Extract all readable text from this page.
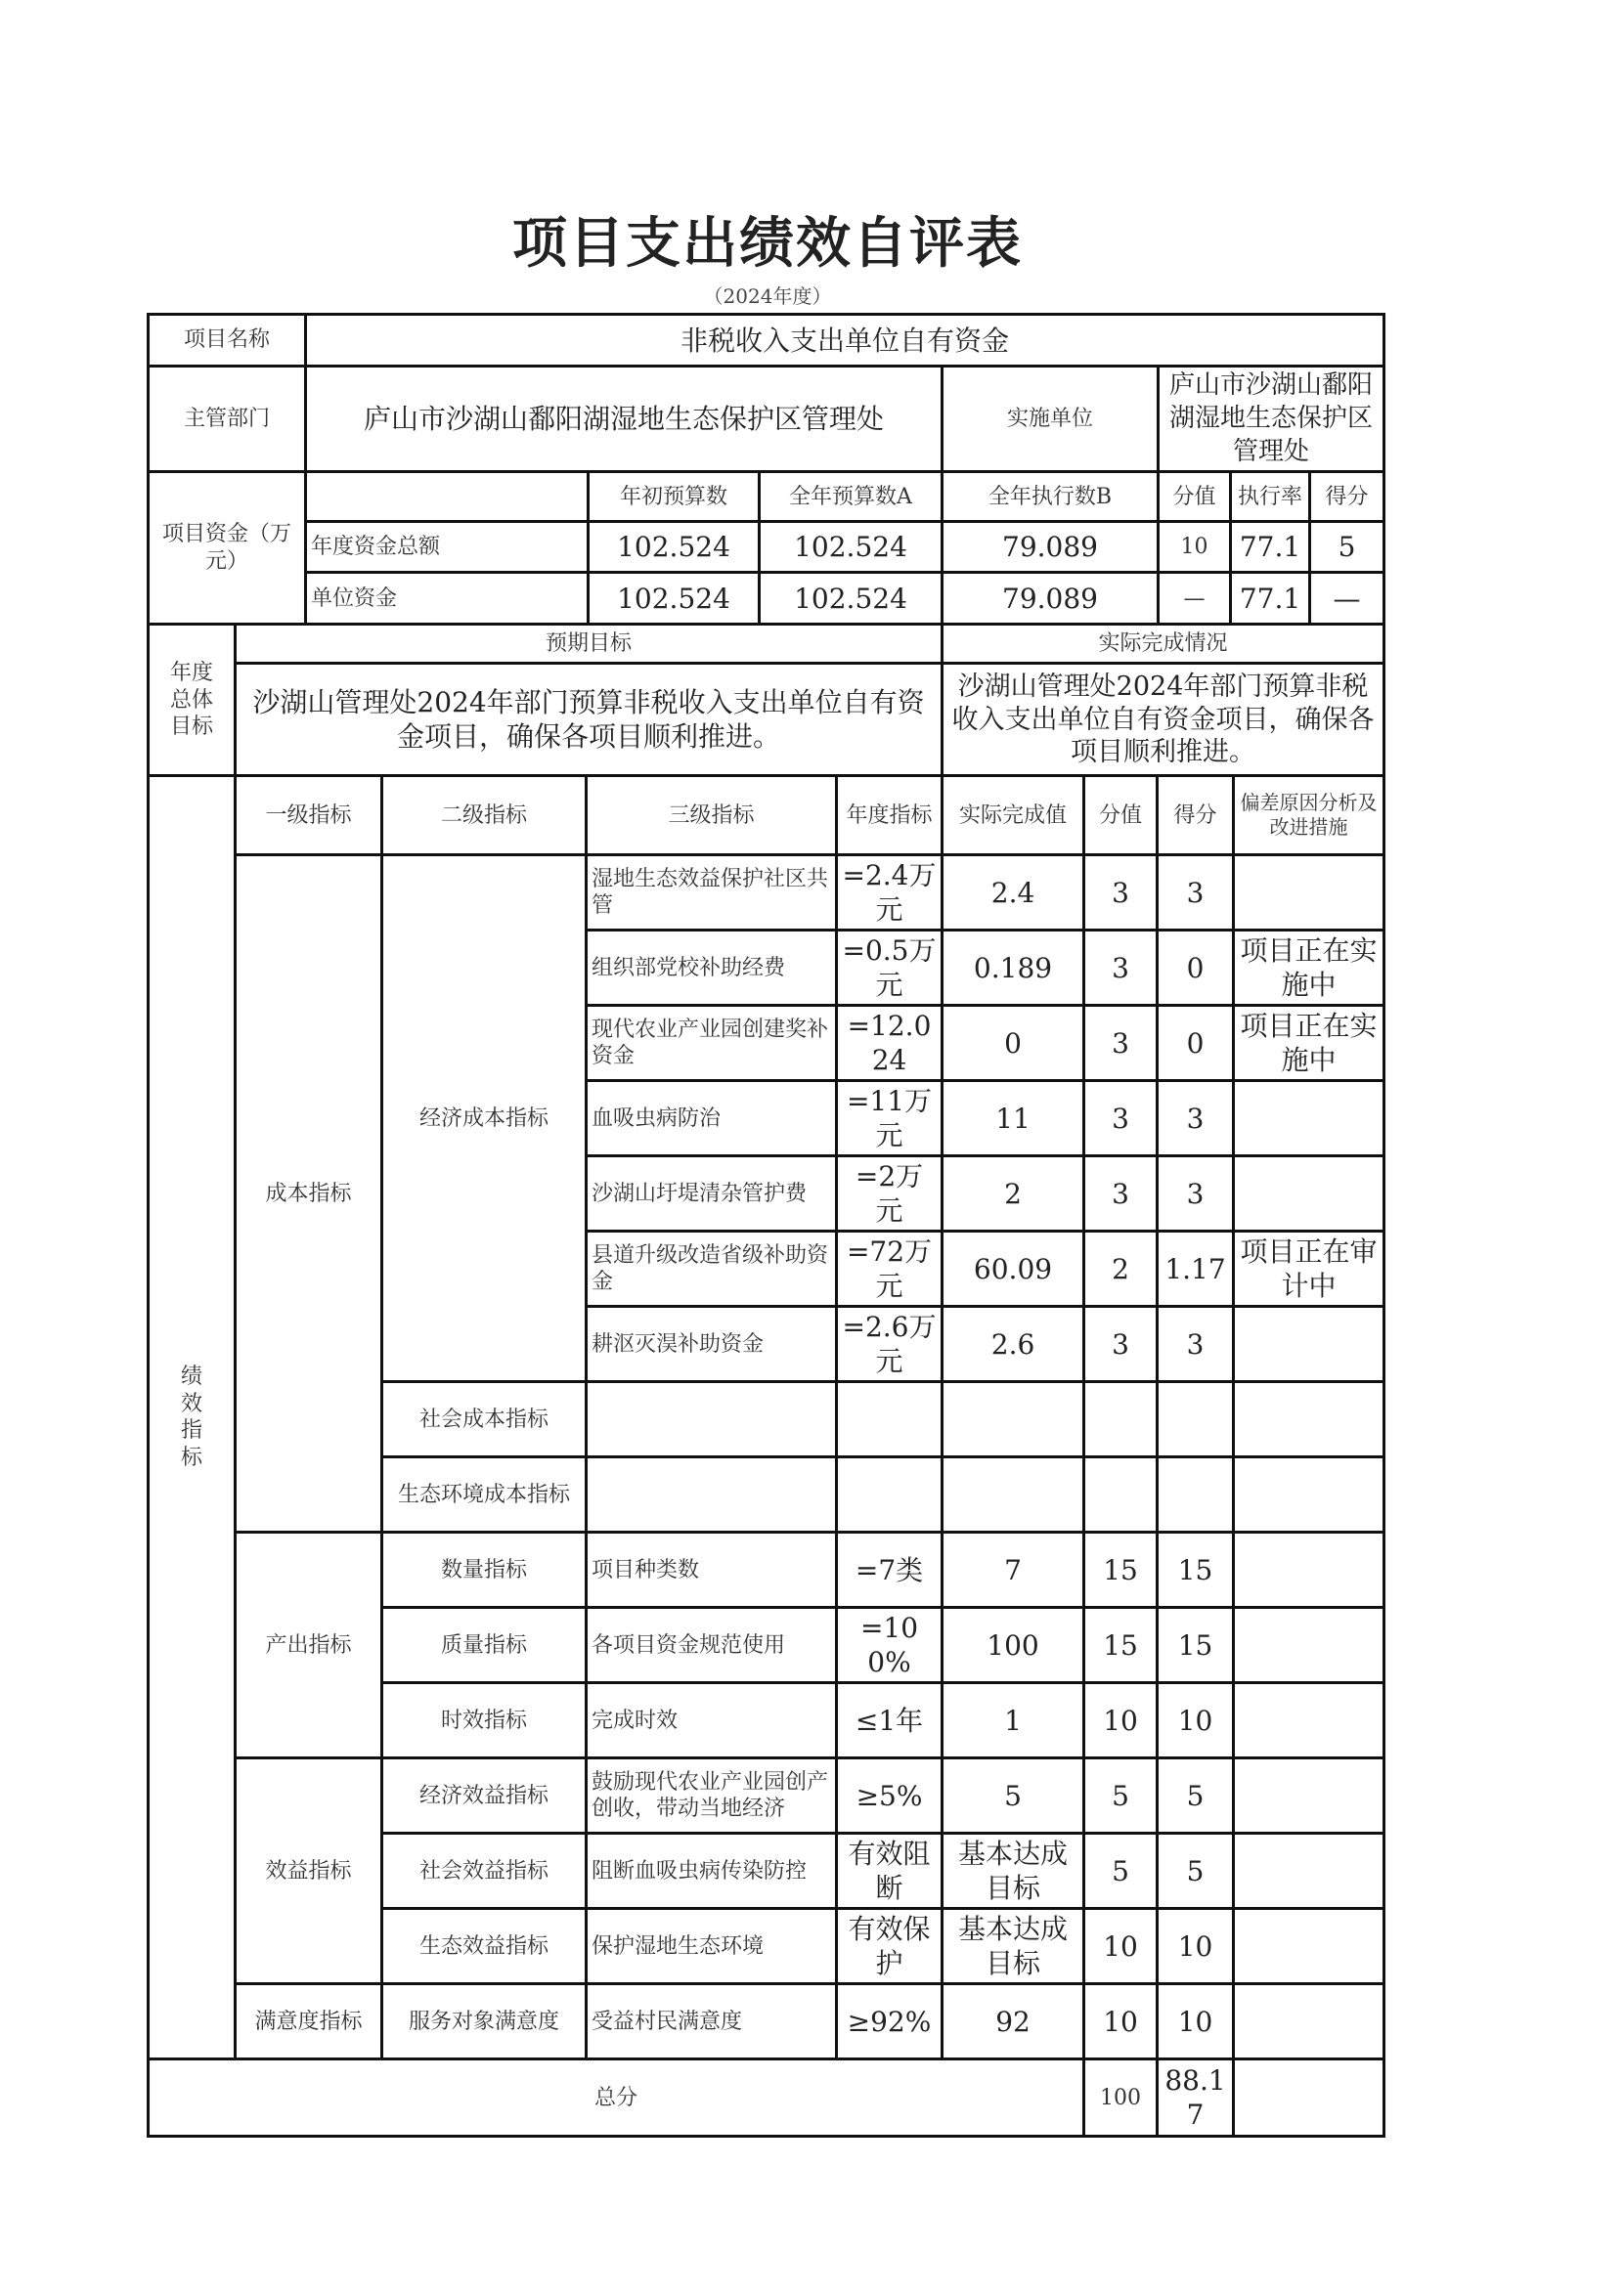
项目支出绩效自评表
（2024年度）
项目名称	非税收入支出单位自有资金						
主管部门	庐山市沙湖山鄱阳湖湿地生态保护区管理处			实施单位	庐山市沙湖山鄱阳湖湿地生态保护区管理处		
项目资金（万元）		年初预算数	全年预算数A	全年执行数B	分值	执行率	得分
	年度资金总额	102.524	102.524	79.089	10	77.1	5
	单位资金	102.524	102.524	79.089	—	77.1	—
年度总体目标	预期目标				实际完成情况			
	沙湖山管理处2024年部门预算非税收入支出单位自有资金项目，确保各项目顺利推进。				沙湖山管理处2024年部门预算非税收入支出单位自有资金项目，确保各项目顺利推进。			
绩效指标	一级指标	二级指标	三级指标	年度指标	实际完成值	分值	得分	偏差原因分析及改进措施
	成本指标	经济成本指标	湿地生态效益保护社区共管	=2.4万元	2.4	3	3	
			组织部党校补助经费	=0.5万元	0.189	3	0	项目正在实施中
			现代农业产业园创建奖补资金	=12.024	0	3	0	项目正在实施中
			血吸虫病防治	=11万元	11	3	3	
			沙湖山圩堤清杂管护费	=2万元	2	3	3	
			县道升级改造省级补助资金	=72万元	60.09	2	1.17	项目正在审计中
			耕沤灭淏补助资金	=2.6万元	2.6	3	3	
		社会成本指标						
		生态环境成本指标						
	产出指标	数量指标	项目种类数	=7类	7	15	15	
		质量指标	各项目资金规范使用	=100%	100	15	15	
		时效指标	完成时效	≤1年	1	10	10	
	效益指标	经济效益指标	鼓励现代农业产业园创产创收，带动当地经济	≥5%	5	5	5	
		社会效益指标	阻断血吸虫病传染防控	有效阻断	基本达成目标	5	5	
		生态效益指标	保护湿地生态环境	有效保护	基本达成目标	10	10	
	满意度指标	服务对象满意度	受益村民满意度	≥92%	92	10	10	
总分						100	88.17	
